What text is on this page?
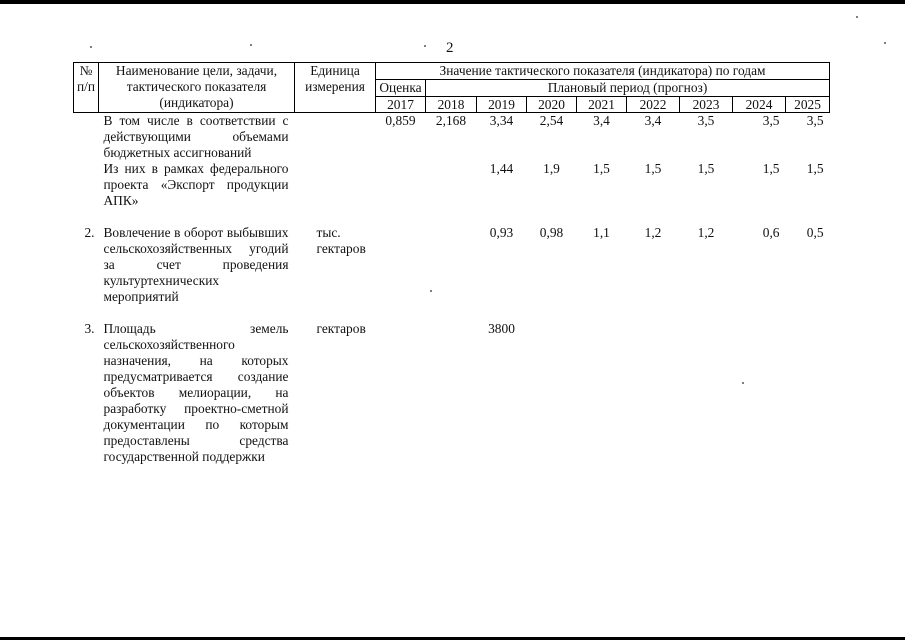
2
№ п/п	Наименование цели, задачи, тактического показателя (индикатора)	Единица измерения	Значение тактического показателя (индикатора) по годам								
			Оценка	Плановый период (прогноз)							
			2017	2018	2019	2020	2021	2022	2023	2024	2025
	В том числе в соответствии с действующими объемами бюджетных ассигнований		0,859	2,168	3,34	2,54	3,4	3,4	3,5	3,5	3,5
	Из них в рамках федерального проекта «Экспорт продукции АПК»				1,44	1,9	1,5	1,5	1,5	1,5	1,5

2.	Вовлечение в оборот выбывших сельскохозяйственных угодий за счет проведения культуртехнических мероприятий	тыс. гектаров			0,93	0,98	1,1	1,2	1,2	0,6	0,5

3.	Площадь земель сельскохозяйственного назначения, на которых предусматривается создание объектов мелиорации, на разработку проектно-сметной документации по которым предоставлены средства государственной поддержки	гектаров			3800						
